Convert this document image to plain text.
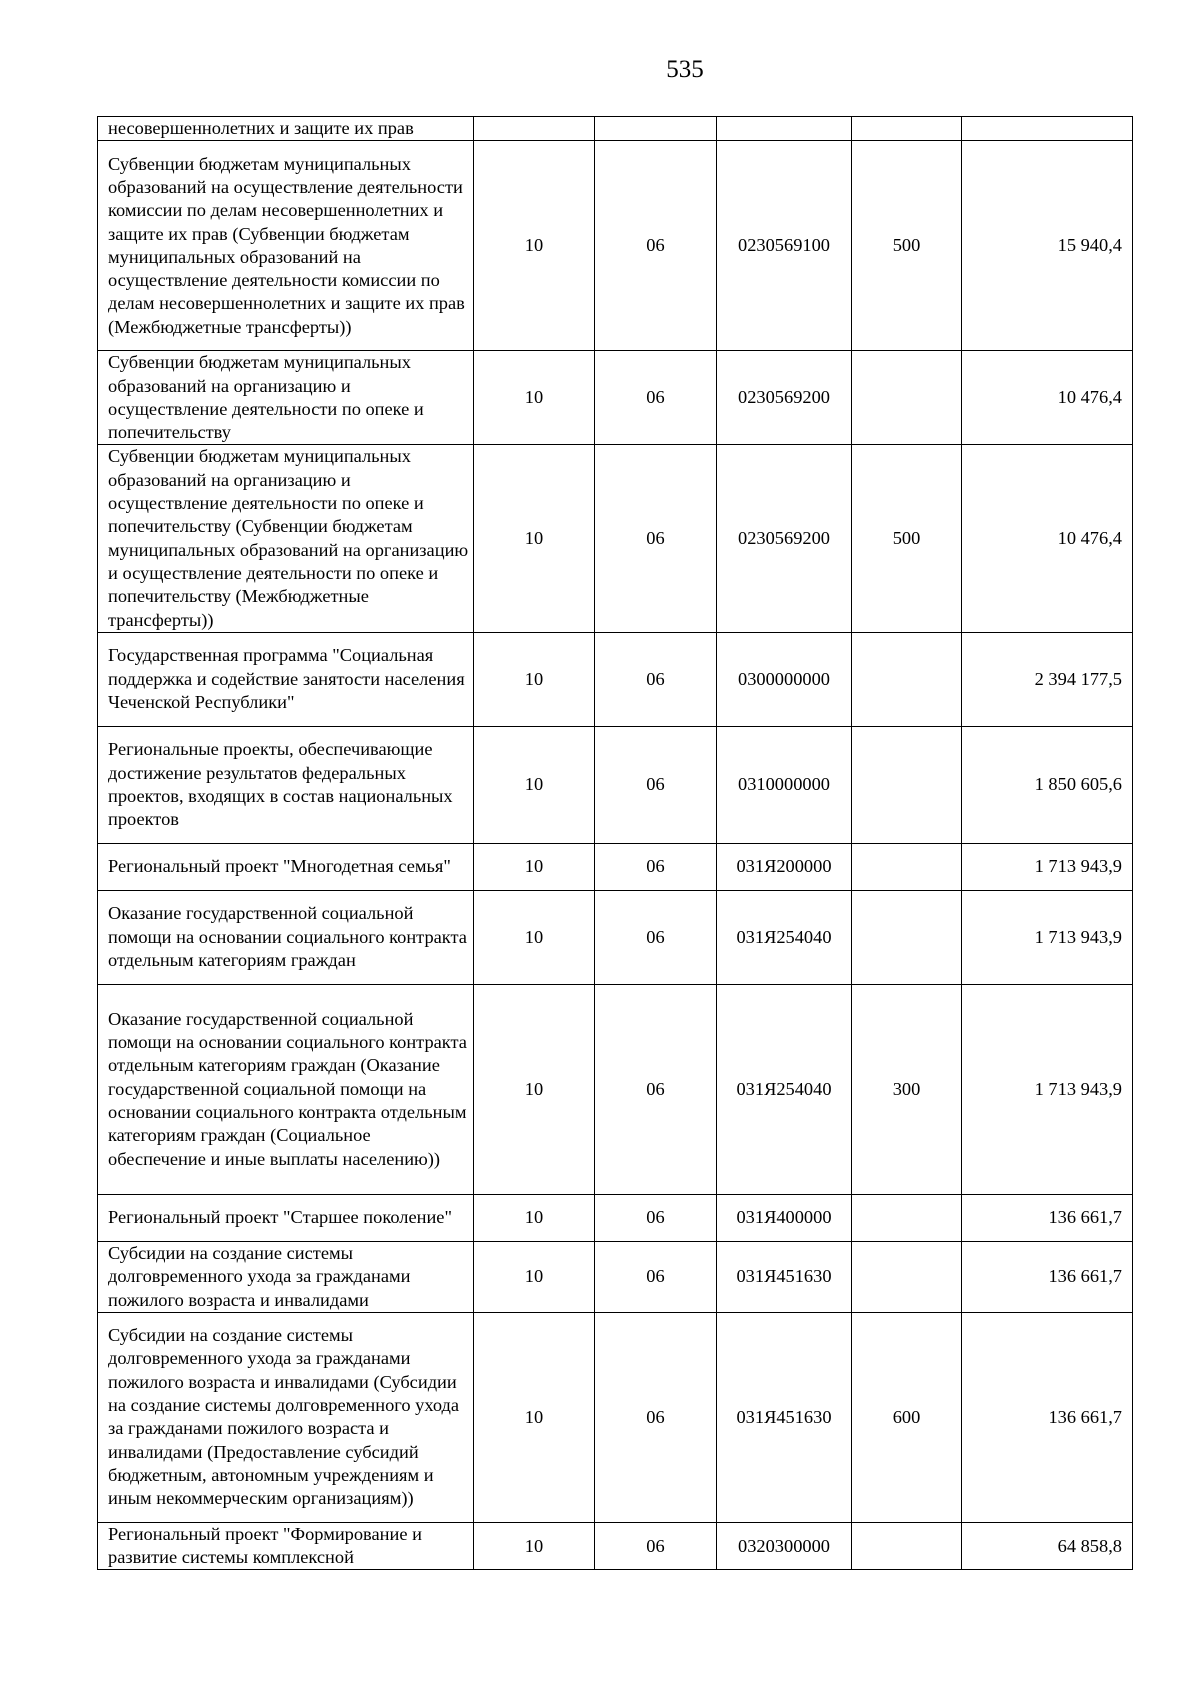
535
несовершеннолетних и защите их прав					
Субвенции бюджетам муниципальных образований на осуществление деятельности комиссии по делам несовершеннолетних и защите их прав (Субвенции бюджетам муниципальных образований на осуществление деятельности комиссии по делам несовершеннолетних и защите их прав (Межбюджетные трансферты))	10	06	0230569100	500	15 940,4
Субвенции бюджетам муниципальных образований на организацию и осуществление деятельности по опеке и попечительству	10	06	0230569200		10 476,4
Субвенции бюджетам муниципальных образований на организацию и осуществление деятельности по опеке и попечительству (Субвенции бюджетам муниципальных образований на организацию и осуществление деятельности по опеке и попечительству (Межбюджетные трансферты))	10	06	0230569200	500	10 476,4
Государственная программа "Социальная поддержка и содействие занятости населения Чеченской Республики"	10	06	0300000000		2 394 177,5
Региональные проекты, обеспечивающие достижение результатов федеральных проектов, входящих в состав национальных проектов	10	06	0310000000		1 850 605,6
Региональный проект "Многодетная семья"	10	06	031Я200000		1 713 943,9
Оказание государственной социальной помощи на основании социального контракта отдельным категориям граждан	10	06	031Я254040		1 713 943,9
Оказание государственной социальной помощи на основании социального контракта отдельным категориям граждан (Оказание государственной социальной помощи на основании социального контракта отдельным категориям граждан (Социальное обеспечение и иные выплаты населению))	10	06	031Я254040	300	1 713 943,9
Региональный проект "Старшее поколение"	10	06	031Я400000		136 661,7
Субсидии на создание системы долговременного ухода за гражданами пожилого возраста и инвалидами	10	06	031Я451630		136 661,7
Субсидии на создание системы долговременного ухода за гражданами пожилого возраста и инвалидами (Субсидии на создание системы долговременного ухода за гражданами пожилого возраста и инвалидами (Предоставление субсидий бюджетным, автономным учреждениям и иным некоммерческим организациям))	10	06	031Я451630	600	136 661,7
Региональный проект "Формирование и развитие системы комплексной	10	06	0320300000		64 858,8
